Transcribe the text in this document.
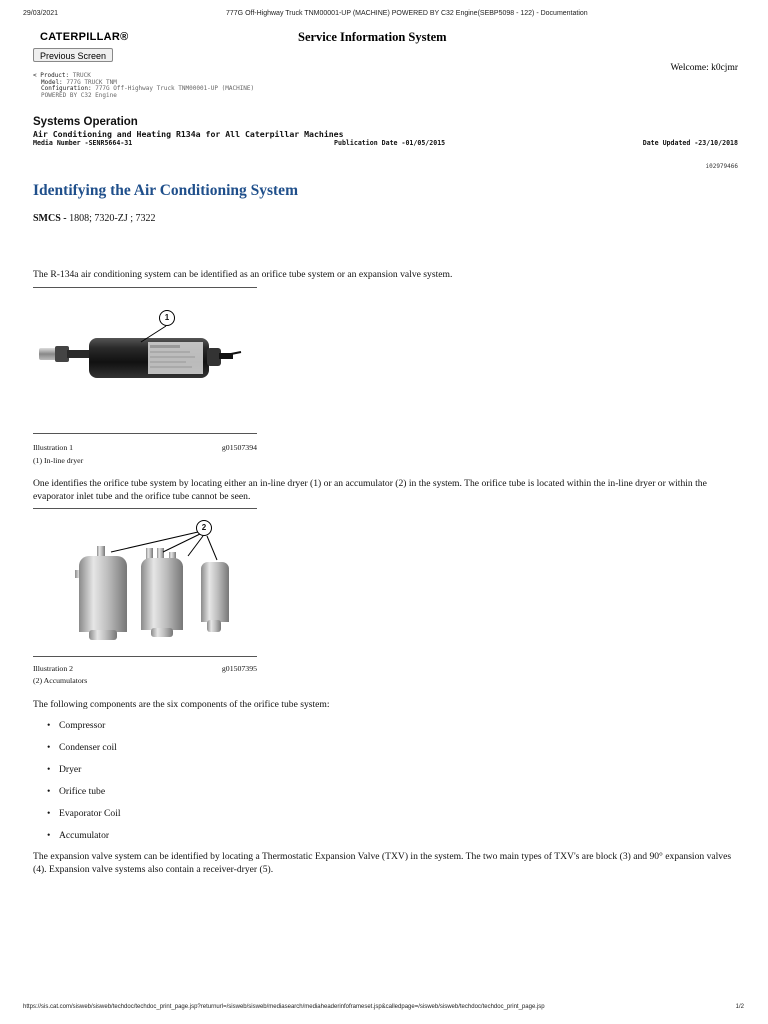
29/03/2021	777G Off-Highway Truck TNM00001-UP (MACHINE) POWERED BY C32 Engine(SEBP5098 - 122) - Documentation
CATERPILLAR®	Service Information System
Previous Screen
Welcome: k0cjmr
< Product: TRUCK
Model: 777G TRUCK TNM
Configuration: 777G Off-Highway Truck TNM00001-UP (MACHINE)
POWERED BY C32 Engine
Systems Operation
Air Conditioning and Heating R134a for All Caterpillar Machines
Media Number -SENR5664-31	Publication Date -01/05/2015	Date Updated -23/10/2018
i02979466
Identifying the Air Conditioning System
SMCS - 1808; 7320-ZJ ; 7322
The R-134a air conditioning system can be identified as an orifice tube system or an expansion valve system.
1
Illustration 1	g01507394
(1) In-line dryer
One identifies the orifice tube system by locating either an in-line dryer (1) or an accumulator (2) in the system. The orifice tube is located within the in-line dryer or within the evaporator inlet tube and the orifice tube cannot be seen.
2
Illustration 2	g01507395
(2) Accumulators
The following components are the six components of the orifice tube system:
• Compressor
• Condenser coil
• Dryer
• Orifice tube
• Evaporator Coil
• Accumulator
The expansion valve system can be identified by locating a Thermostatic Expansion Valve (TXV) in the system. The two main types of TXV's are block (3) and 90° expansion valves (4). Expansion valve systems also contain a receiver-dryer (5).
https://sis.cat.com/sisweb/sisweb/techdoc/techdoc_print_page.jsp?returnurl=/sisweb/sisweb/mediasearch/mediaheaderinfoframeset.jsp&calledpage=/sisweb/sisweb/techdoc/techdoc_print_page.jsp	1/2
